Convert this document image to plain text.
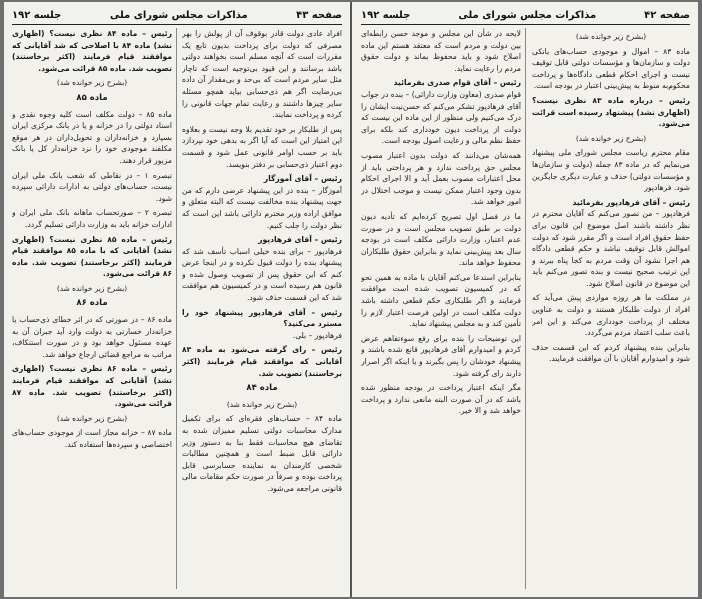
صفحه ۴۳
مذاکرات مجلس شورای ملی
جلسه ۱۹۲
افراد عادی دولت قادر بوقوف آن از پولش را بهر مصرفی که دولت برای پرداخت بدیون تابع یک مقررات است که آنچه مسلم است بخواهند دولتی باشد برسانند و این قیود بی‌توجیه است که تاچار مثل سایر مردم است که بی‌حد و بی‌مقدار آن داده بی‌رضایت اگر هم ذی‌حسابی بیاید همچو مسئله سایر چیزها داشتند و رعایت تمام جهات قانونی را کرده و پرداخت نمایند.
پس از طلبکار بر خود تقدیم بلا وجه نیست و بعلاوه این امتیاز این است که آیا اگر به بدهی خود نپردازد باید بر حسب اوامر قانونی عمل شود و قسمت دوم اعتبار ذی‌حسابی بر دفتر بنویسد.
رئیس – آقای آموزگار
آموزگار – بنده در این پیشنهاد عرضی دارم که من جهت پیشنهاد بنده مخالفت نیست که البته متعلق و موافق اراده وزیر محترم دارائی باشد این است که نظر دولت را جلب کنیم.
رئیس – آقای فرهادپور
فرهادپور – برای بنده خیلی اسباب تأسف شد که پیشنهاد بنده را دولت قبول نکرده و در اینجا عرض کنم که این حقوق پس از تصویب وصول شده و قانون هم رسیده است و در کمیسیون هم موافقت شد که این قسمت حذف شود.
رئیس – آقای فرهادپور پیشنهاد خود را مسترد می‌کنید؟
فرهادپور – بلی.
رئیس – رای گرفته می‌شود به ماده ۸۳ آقایانی که موافقند قیام فرمایند (اکثر برخاستند) تصویب شد.
ماده ۸۴
(بشرح زیر خوانده شد)
ماده ۸۴ – حساب‌های فقره‌ای که برای تکمیل مدارک محاسبات دولتی تسلیم ممیزان شده به تقاضای هیچ محاسبات فقط بنا به دستور وزیر دارائی قابل ضبط است و همچنین مطالبات شخصی کارمندان به نماینده حسابرسی قابل پرداخت بوده و صرفاً در صورت حکم مقامات مالی قانونی مراجعه می‌شود.
رئیس – ماده ۸۴ نظری نیست؟ (اظهاری نشد) ماده ۸۴ با اصلاحی که شد آقایانی که موافقند قیام فرمایند (اکثر برخاستند) تصویب شد. ماده ۸۵ قرائت می‌شود.
(بشرح زیر خوانده شد)
ماده ۸۵
ماده ۸۵ – دولت مکلف است کلیه وجوه نقدی و اسناد دولتی را در خزانه و یا در بانک مرکزی ایران بسپارد و خزانه‌داران و تحویل‌داران در هر موقع مکلفند موجودی خود را نزد خزانه‌دار کل یا بانک مزبور قرار دهند.
تبصره ۱ – در نقاطی که شعب بانک ملی ایران نیست، حساب‌های دولتی به ادارات دارائی سپرده شود.
تبصره ۲ – صورتحساب ماهانه بانک ملی ایران و ادارات خزانه باید به وزارت دارائی تسلیم گردد.
رئیس – ماده ۸۵ نظری نیست؟ (اظهاری نشد) آقایانی که با ماده ۸۵ موافقند قیام فرمایند (اکثر برخاستند) تصویب شد. ماده ۸۶ قرائت می‌شود.
(بشرح زیر خوانده شد)
ماده ۸۶
ماده ۸۶ – در صورتی که در اثر خطای ذی‌حساب یا خزانه‌دار خسارتی به دولت وارد آید جبران آن به عهده مسئول خواهد بود و در صورت استنکاف، مراتب به مراجع قضائی ارجاع خواهد شد.
رئیس – ماده ۸۶ نظری نیست؟ (اظهاری نشد) آقایانی که موافقند قیام فرمایند (اکثر برخاستند) تصویب شد. ماده ۸۷ قرائت می‌شود.
(بشرح زیر خوانده شد)
ماده ۸۷ – خزانه مجاز است از موجودی حساب‌های اختصاصی و سپرده‌ها استفاده کند.
صفحه ۴۲
مذاکرات مجلس شورای ملی
جلسه ۱۹۲
(بشرح زیر خوانده شد)
ماده ۸۳ – اموال و موجودی حساب‌های بانکی دولت و سازمان‌ها و مؤسسات دولتی قابل توقیف نیست و اجرای احکام قطعی دادگاه‌ها و پرداخت محکوم‌به منوط به پیش‌بینی اعتبار در بودجه است.
رئیس – درباره ماده ۸۳ نظری نیست؟ (اظهاری نشد) پیشنهاد رسیده است قرائت می‌شود.
(بشرح زیر خوانده شد)
مقام محترم ریاست مجلس شورای ملی پیشنهاد می‌نمایم که در ماده ۸۳ جمله (دولت و سازمان‌ها و مؤسسات دولتی) حذف و عبارت دیگری جایگزین شود. فرهادپور
رئیس – آقای فرهادپور بفرمائید
فرهادپور – من تصور می‌کنم که آقایان محترم در نظر داشته باشند اصل موضوع این قانون برای حفظ حقوق افراد است و اگر مقرر شود که دولت اموالش قابل توقیف نباشد و حکم قطعی دادگاه هم اجرا نشود آن وقت مردم به کجا پناه ببرند و این ترتیب صحیح نیست و بنده تصور می‌کنم باید این موضوع در قانون اصلاح شود.
در مملکت ما هر روزه مواردی پیش می‌آید که افراد از دولت طلبکار هستند و دولت به عناوین مختلف از پرداخت خودداری می‌کند و این امر باعث سلب اعتماد مردم می‌گردد.
بنابراین بنده پیشنهاد کردم که این قسمت حذف شود و امیدوارم آقایان با آن موافقت فرمایند.
لایحه در شأن این مجلس و موجد حسن رابطه‌ای بین دولت و مردم است که معتقد هستم این ماده اصلاح شود و باید محفوظ بماند و دولت حقوق مردم را رعایت نماید.
رئیس – آقای قوام صدری بفرمائید
قوام صدری (معاون وزارت دارائی) – بنده در جواب آقای فرهادپور تشکر می‌کنم که حسن‌نیت ایشان را درک می‌کنیم ولی منظور از این ماده این نیست که دولت از پرداخت دیون خودداری کند بلکه برای حفظ نظم مالی و رعایت اصول بودجه است.
همه‌شان می‌دانند که دولت بدون اعتبار مصوب مجلس حق پرداخت ندارد و هر پرداختی باید از محل اعتبارات مصوب بعمل آید و الا اجرای احکام بدون وجود اعتبار ممکن نیست و موجب اختلال در امور خواهد شد.
ما در فصل اول تصریح کرده‌ایم که تأدیه دیون دولت بر طبق تصویب مجلس است و در صورت عدم اعتبار، وزارت دارائی مکلف است در بودجه سال بعد پیش‌بینی نماید و بنابراین حقوق طلبکاران محفوظ خواهد ماند.
بنابراین استدعا می‌کنم آقایان با ماده به همین نحو که در کمیسیون تصویب شده است موافقت فرمایند و اگر طلبکاری حکم قطعی داشته باشد دولت مکلف است در اولین فرصت اعتبار لازم را تأمین کند و به مجلس پیشنهاد نماید.
این توضیحات را بنده برای رفع سوءتفاهم عرض کردم و امیدوارم آقای فرهادپور قانع شده باشند و پیشنهاد خودشان را پس بگیرند و یا اینکه اگر اصرار دارند رای گرفته شود.
مگر اینکه اعتبار پرداخت در بودجه منظور شده باشد که در آن صورت البته مانعی ندارد و پرداخت خواهد شد و الا خیر.
